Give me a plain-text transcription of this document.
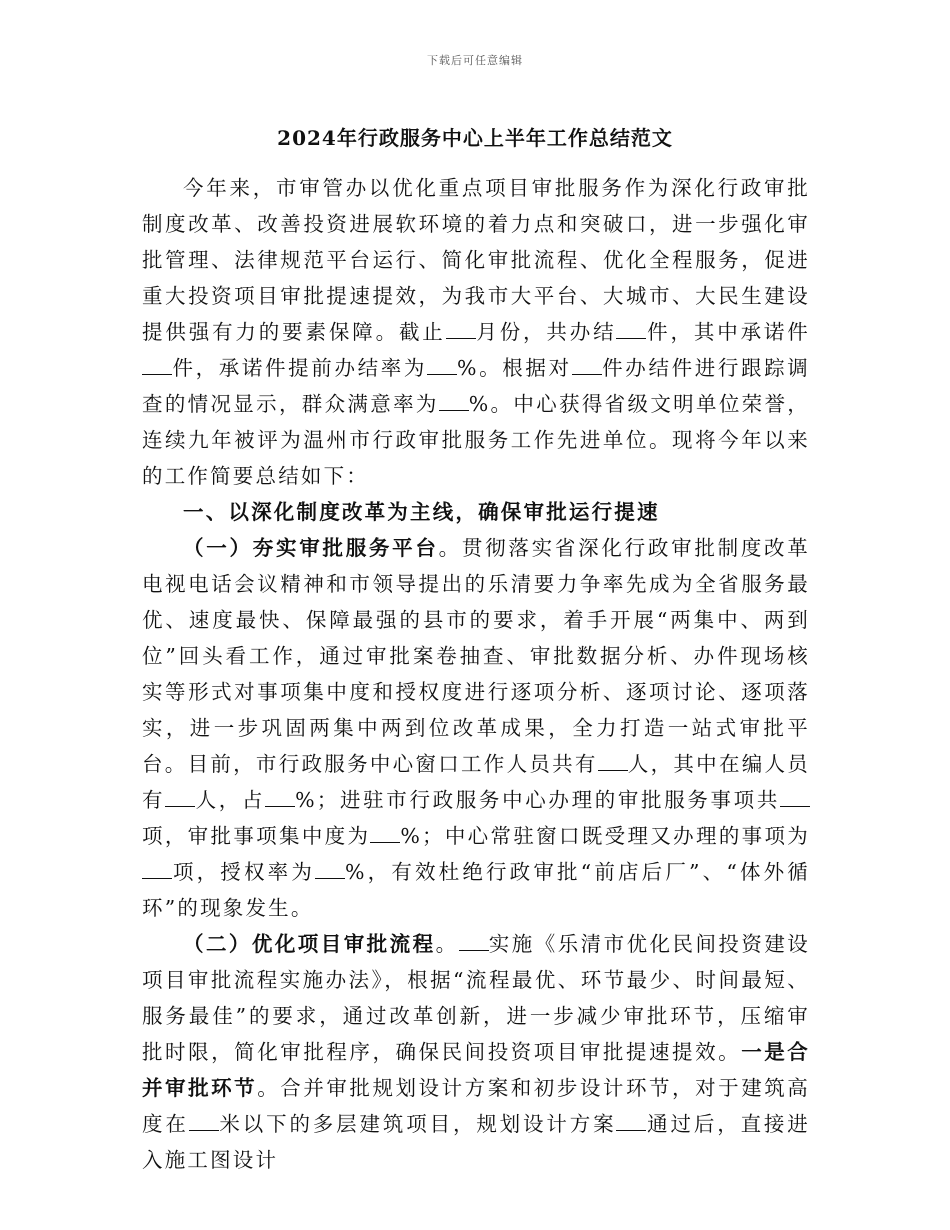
下载后可任意编辑
2024年行政服务中心上半年工作总结范文

今年来，市审管办以优化重点项目审批服务作为深化行政审批制度改革、改善投资进展软环境的着力点和突破口，进一步强化审批管理、法律规范平台运行、简化审批流程、优化全程服务，促进重大投资项目审批提速提效，为我市大平台、大城市、大民生建设提供强有力的要素保障。截止 月份，共办结 件，其中承诺件件，承诺件提前办结率为 %。根据对 件办结件进行跟踪调查的情况显示，群众满意率为 %。中心获得省级文明单位荣誉，连续九年被评为温州市行政审批服务工作先进单位。现将今年以来的工作简要总结如下：

一、以深化制度改革为主线，确保审批运行提速

（一）夯实审批服务平台。贯彻落实省深化行政审批制度改革电视电话会议精神和市领导提出的乐清要力争率先成为全省服务最优、速度最快、保障最强的县市的要求，着手开展“两集中、两到位”回头看工作，通过审批案卷抽查、审批数据分析、办件现场核实等形式对事项集中度和授权度进行逐项分析、逐项讨论、逐项落实，进一步巩固两集中两到位改革成果，全力打造一站式审批平台。目前，市行政服务中心窗口工作人员共有 人，其中在编人员有 人，占 %；进驻市行政服务中心办理的审批服务事项共项，审批事项集中度为 %；中心常驻窗口既受理又办理的事项为项，授权率为 %，有效杜绝行政审批“前店后厂”、“体外循环”的现象发生。

（二）优化项目审批流程。 实施《乐清市优化民间投资建设项目审批流程实施办法》，根据“流程最优、环节最少、时间最短、服务最佳”的要求，通过改革创新，进一步减少审批环节，压缩审批时限，简化审批程序，确保民间投资项目审批提速提效。一是合并审批环节。合并审批规划设计方案和初步设计环节，对于建筑高度在 米以下的多层建筑项目，规划设计方案 通过后，直接进入施工图设计
